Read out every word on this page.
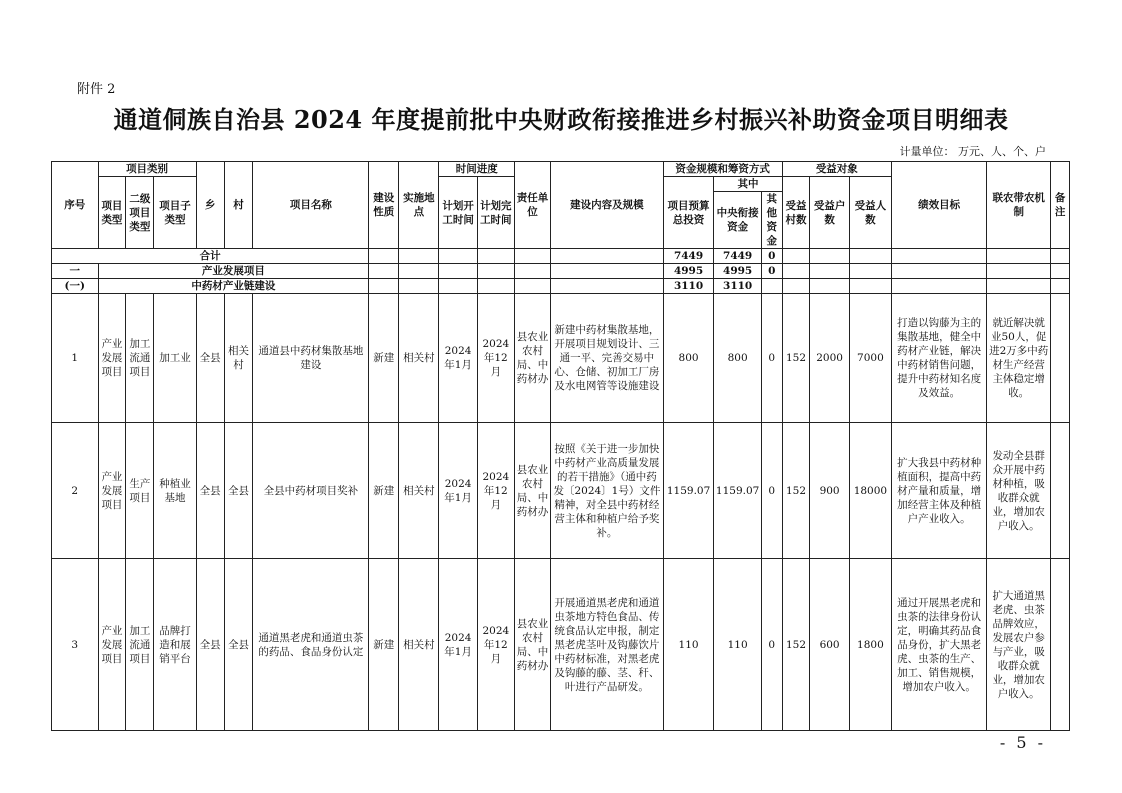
附件 2
通道侗族自治县 2024 年度提前批中央财政衔接推进乡村振兴补助资金项目明细表
计量单位： 万元、人、个、户
序号	项目类别			乡	村	项目名称	建设性质	实施地点	时间进度		责任单位	建设内容及规模	资金规模和筹资方式			受益对象			绩效目标	联农带农机制	备注
	项目类型	二级项目类型	项目子类型						计划开工时间	计划完工时间			项目预算总投资	其中		受益村数	受益户数	受益人数			
														中央衔接资金	其他资金						
合计													7449	7449	0						
一	产业发展项目												4995	4995	0						
(一)	中药材产业链建设												3110	3110							
1	产业发展项目	加工流通项目	加工业	全县	相关村	通道县中药材集散基地建设	新建	相关村	2024年1月	2024年12月	县农业农村局、中药材办	新建中药材集散基地，开展项目规划设计、三通一平、完善交易中心、仓储、初加工厂房及水电网管等设施建设	800	800	0	152	2000	7000	打造以钩藤为主的集散基地，健全中药材产业链，解决中药材销售问题，提升中药材知名度及效益。	就近解决就业50人，促进2万多中药材生产经营主体稳定增收。	
2	产业发展项目	生产项目	种植业基地	全县	全县	全县中药材项目奖补	新建	相关村	2024年1月	2024年12月	县农业农村局、中药材办	按照《关于进一步加快中药材产业高质量发展的若干措施》（通中药发〔2024〕1号）文件精神，对全县中药材经营主体和种植户给予奖补。	1159.07	1159.07	0	152	900	18000	扩大我县中药材种植面积，提高中药材产量和质量，增加经营主体及种植户产业收入。	发动全县群众开展中药材种植，吸收群众就业，增加农户收入。	
3	产业发展项目	加工流通项目	品牌打造和展销平台	全县	全县	通道黑老虎和通道虫茶的药品、食品身份认定	新建	相关村	2024年1月	2024年12月	县农业农村局、中药材办	开展通道黑老虎和通道虫茶地方特色食品、传统食品认定申报，制定黑老虎茎叶及钩藤饮片中药材标准，对黑老虎及钩藤的藤、茎、秆、叶进行产品研发。	110	110	0	152	600	1800	通过开展黑老虎和虫茶的法律身份认定，明确其药品食品身份，扩大黑老虎、虫茶的生产、加工、销售规模，增加农户收入。	扩大通道黑老虎、虫茶品牌效应，发展农户参与产业，吸收群众就业，增加农户收入。	
- 5 -
